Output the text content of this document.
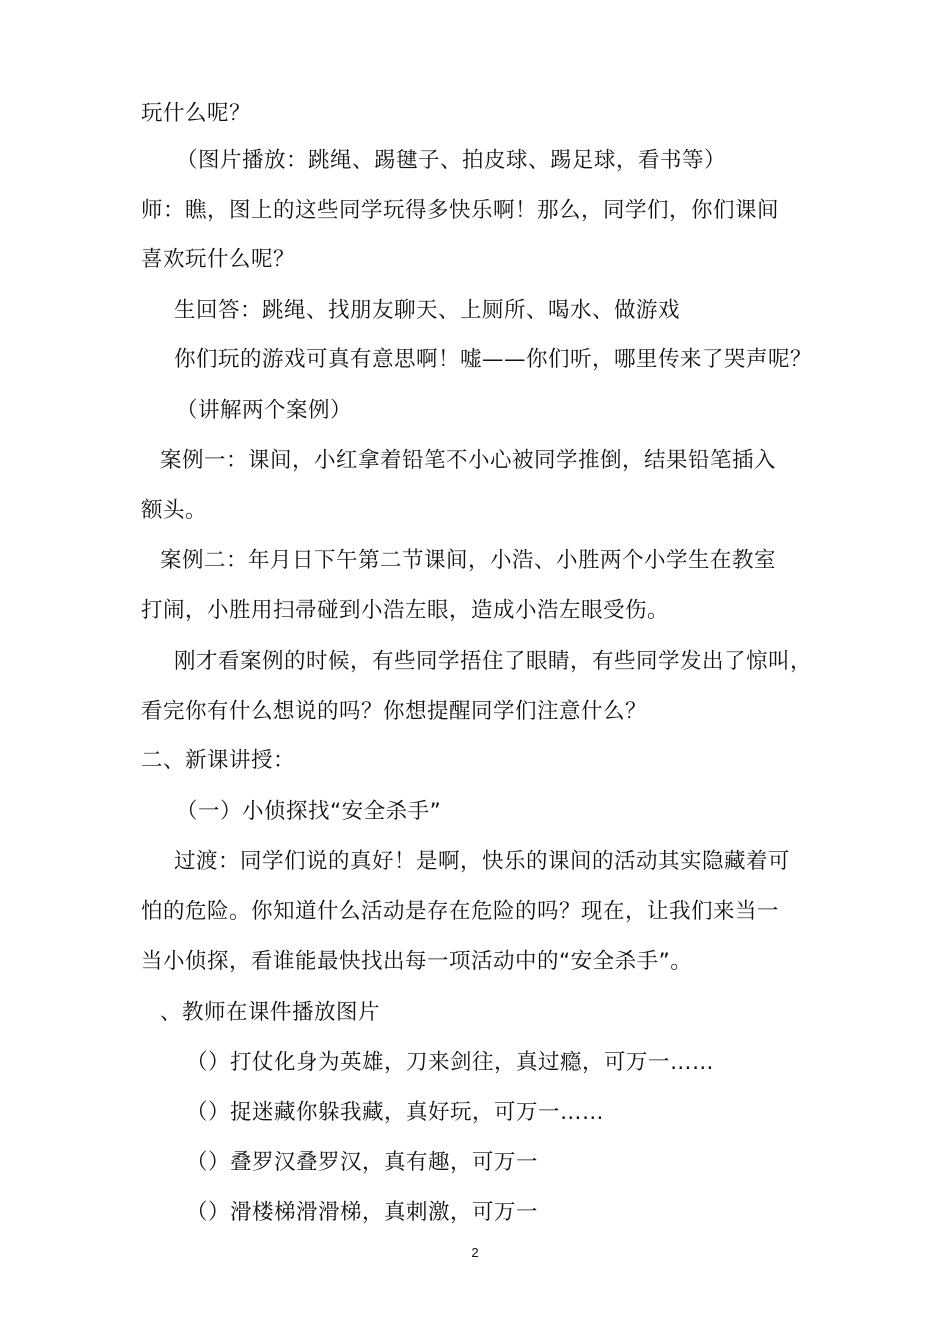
玩什么呢？
（图片播放：跳绳、踢毽子、拍皮球、踢足球，看书等）
师：瞧，图上的这些同学玩得多快乐啊！那么，同学们，你们课间
喜欢玩什么呢？
生回答：跳绳、找朋友聊天、上厕所、喝水、做游戏
你们玩的游戏可真有意思啊！嘘——你们听，哪里传来了哭声呢？
（讲解两个案例）
案例一：课间，小红拿着铅笔不小心被同学推倒，结果铅笔插入
额头。
案例二：年月日下午第二节课间，小浩、小胜两个小学生在教室
打闹，小胜用扫帚碰到小浩左眼，造成小浩左眼受伤。
刚才看案例的时候，有些同学捂住了眼睛，有些同学发出了惊叫，
看完你有什么想说的吗？你想提醒同学们注意什么？
二、新课讲授：
（一）小侦探找“安全杀手”
过渡：同学们说的真好！是啊，快乐的课间的活动其实隐藏着可
怕的危险。你知道什么活动是存在危险的吗？现在，让我们来当一
当小侦探，看谁能最快找出每一项活动中的“安全杀手”。
、教师在课件播放图片
（）打仗化身为英雄，刀来剑往，真过瘾，可万一……
（）捉迷藏你躲我藏，真好玩，可万一……
（）叠罗汉叠罗汉，真有趣，可万一
（）滑楼梯滑滑梯，真刺激，可万一
2
